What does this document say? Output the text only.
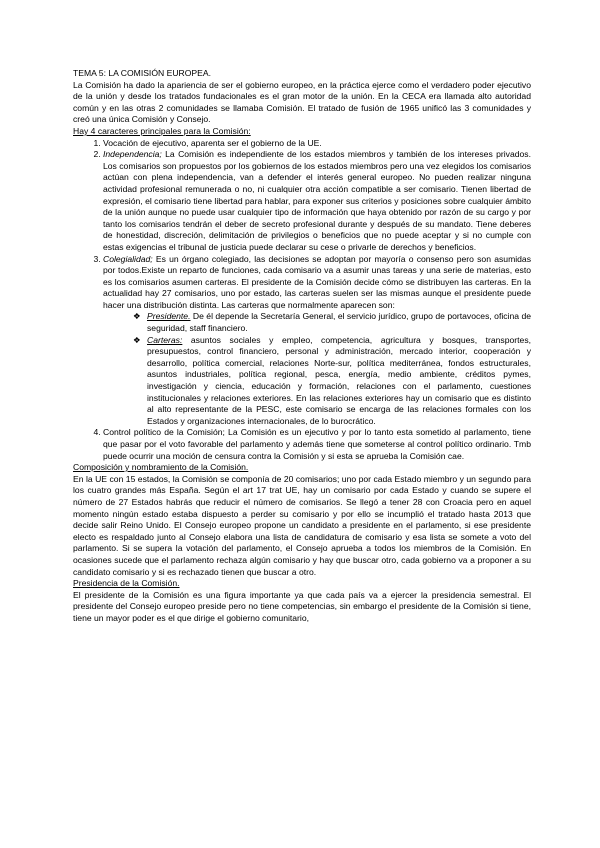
TEMA 5: LA COMISIÓN EUROPEA.

La Comisión ha dado la apariencia de ser el gobierno europeo, en la práctica ejerce como el verdadero poder ejecutivo de la unión y desde los tratados fundacionales es el gran motor de la unión. En la CECA era llamada alto autoridad común y en las otras 2 comunidades se llamaba Comisión. El tratado de fusión de 1965 unificó las 3 comunidades y creó una única Comisión y Consejo.

Hay 4 caracteres principales para la Comisión:

1. Vocación de ejecutivo, aparenta ser el gobierno de la UE.
2. Independencia; La Comisión es independiente de los estados miembros y también de los intereses privados. Los comisarios son propuestos por los gobiernos de los estados miembros pero una vez elegidos los comisarios actúan con plena independencia, van a defender el interés general europeo. No pueden realizar ninguna actividad profesional remunerada o no, ni cualquier otra acción compatible a ser comisario. Tienen libertad de expresión, el comisario tiene libertad para hablar, para exponer sus criterios y posiciones sobre cualquier ámbito de la unión aunque no puede usar cualquier tipo de información que haya obtenido por razón de su cargo y por tanto los comisarios tendrán el deber de secreto profesional durante y después de su mandato. Tiene deberes de honestidad, discreción, delimitación de privilegios o beneficios que no puede aceptar y si no cumple con estas exigencias el tribunal de justicia puede declarar su cese o privarle de derechos y beneficios.
3. Colegialidad; Es un órgano colegiado, las decisiones se adoptan por mayoría o consenso pero son asumidas por todos.Existe un reparto de funciones, cada comisario va a asumir unas tareas y una serie de materias, esto es los comisarios asumen carteras. El presidente de la Comisión decide cómo se distribuyen las carteras. En la actualidad hay 27 comisarios, uno por estado, las carteras suelen ser las mismas aunque el presidente puede hacer una distribución distinta. Las carteras que normalmente aparecen son:
❖ Presidente. De él depende la Secretaría General, el servicio jurídico, grupo de portavoces, oficina de seguridad, staff financiero.
❖ Carteras: asuntos sociales y empleo, competencia, agricultura y bosques, transportes, presupuestos, control financiero, personal y administración, mercado interior, cooperación y desarrollo, política comercial, relaciones Norte-sur, política mediterránea, fondos estructurales, asuntos industriales, política regional, pesca, energía, medio ambiente, créditos pymes, investigación y ciencia, educación y formación, relaciones con el parlamento, cuestiones institucionales y relaciones exteriores. En las relaciones exteriores hay un comisario que es distinto al alto representante de la PESC, este comisario se encarga de las relaciones formales con los Estados y organizaciones internacionales, de lo burocrático.
4. Control político de la Comisión; La Comisión es un ejecutivo y por lo tanto esta sometido al parlamento, tiene que pasar por el voto favorable del parlamento y además tiene que someterse al control político ordinario. Tmb puede ocurrir una moción de censura contra la Comisión y si esta se aprueba la Comisión cae.

Composición y nombramiento de la Comisión.

En la UE con 15 estados, la Comisión se componía de 20 comisarios; uno por cada Estado miembro y un segundo para los cuatro grandes más España. Según el art 17 trat UE, hay un comisario por cada Estado y cuando se supere el número de 27 Estados habrás que reducir el número de comisarios. Se llegó a tener 28 con Croacia pero en aquel momento ningún estado estaba dispuesto a perder su comisario y por ello se incumplió el tratado hasta 2013 que decide salir Reino Unido. El Consejo europeo propone un candidato a presidente en el parlamento, si ese presidente electo es respaldado junto al Consejo elabora una lista de candidatura de comisario y esa lista se somete a voto del parlamento. Si se supera la votación del parlamento, el Consejo aprueba a todos los miembros de la Comisión. En ocasiones sucede que el parlamento rechaza algún comisario y hay que buscar otro, cada gobierno va a proponer a su candidato comisario y si es rechazado tienen que buscar a otro.

Presidencia de la Comisión.

El presidente de la Comisión es una figura importante ya que cada país va a ejercer la presidencia semestral. El presidente del Consejo europeo preside pero no tiene competencias, sin embargo el presidente de la Comisión si tiene, tiene un mayor poder es el que dirige el gobierno comunitario,
